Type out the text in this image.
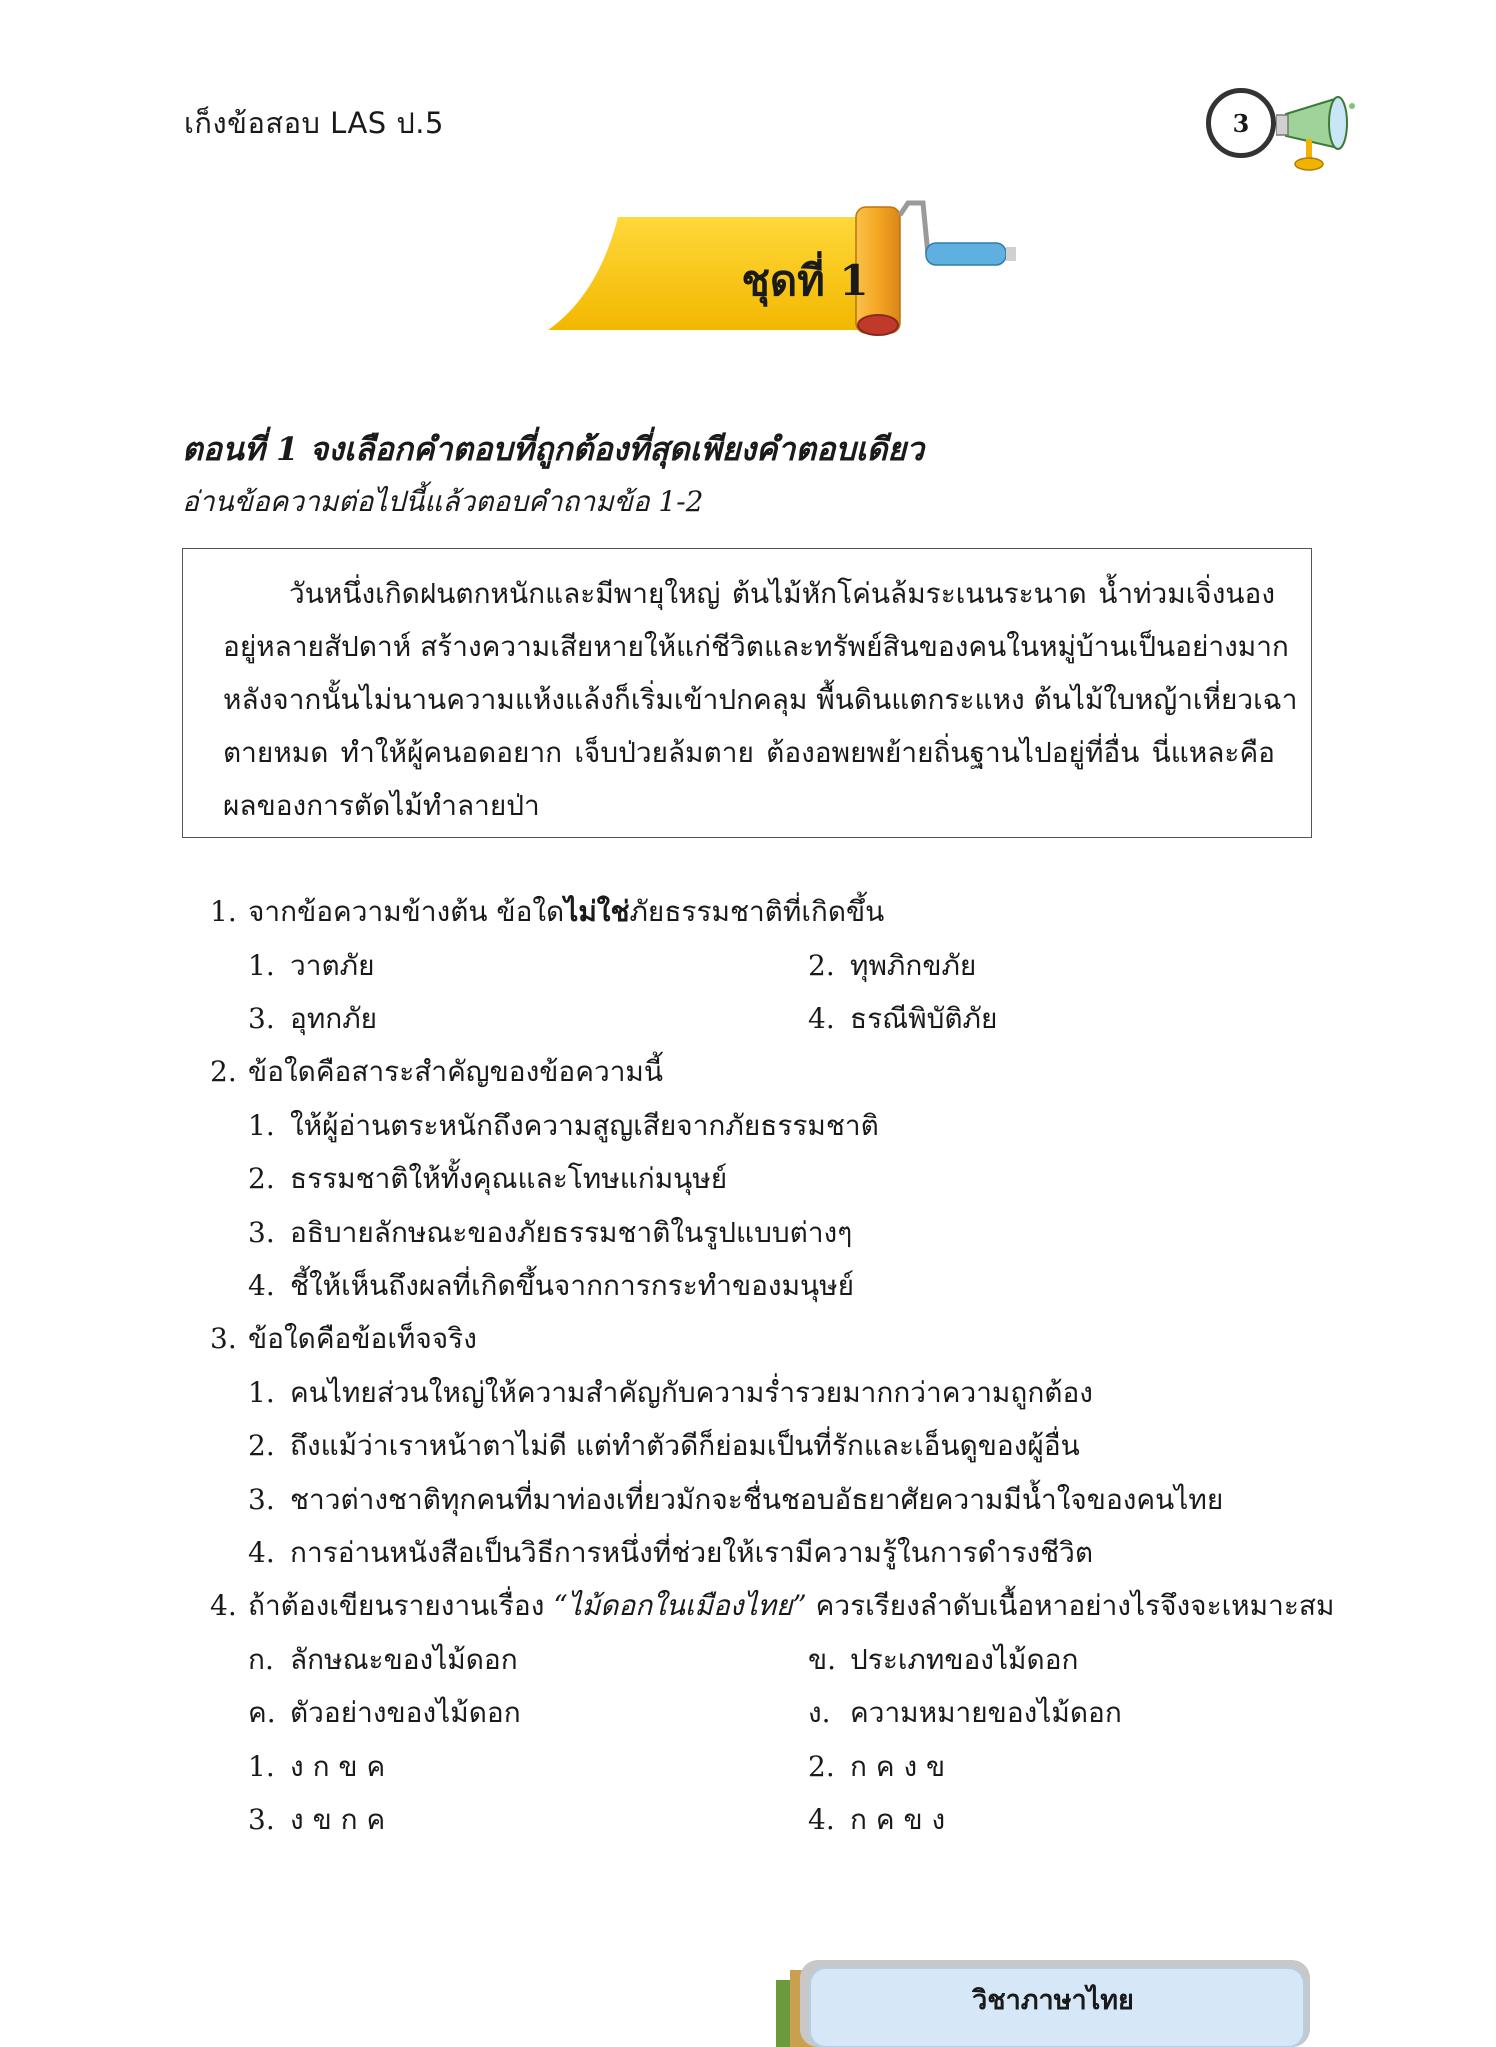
เก็งข้อสอบ LAS ป.5	3
ชุดที่ 1
ตอนที่ 1 จงเลือกคำตอบที่ถูกต้องที่สุดเพียงคำตอบเดียว
อ่านข้อความต่อไปนี้แล้วตอบคำถามข้อ 1-2
วันหนึ่งเกิดฝนตกหนักและมีพายุใหญ่ ต้นไม้หักโค่นล้มระเนนระนาด น้ำท่วมเจิ่งนอง
อยู่หลายสัปดาห์ สร้างความเสียหายให้แก่ชีวิตและทรัพย์สินของคนในหมู่บ้านเป็นอย่างมาก
หลังจากนั้นไม่นานความแห้งแล้งก็เริ่มเข้าปกคลุม พื้นดินแตกระแหง ต้นไม้ใบหญ้าเหี่ยวเฉา
ตายหมด ทำให้ผู้คนอดอยาก เจ็บป่วยล้มตาย ต้องอพยพย้ายถิ่นฐานไปอยู่ที่อื่น นี่แหละคือ
ผลของการตัดไม้ทำลายป่า
1. จากข้อความข้างต้น ข้อใดไม่ใช่ภัยธรรมชาติที่เกิดขึ้น
1. วาตภัย	2. ทุพภิกขภัย
3. อุทกภัย	4. ธรณีพิบัติภัย
2. ข้อใดคือสาระสำคัญของข้อความนี้
1. ให้ผู้อ่านตระหนักถึงความสูญเสียจากภัยธรรมชาติ
2. ธรรมชาติให้ทั้งคุณและโทษแก่มนุษย์
3. อธิบายลักษณะของภัยธรรมชาติในรูปแบบต่างๆ
4. ชี้ให้เห็นถึงผลที่เกิดขึ้นจากการกระทำของมนุษย์
3. ข้อใดคือข้อเท็จจริง
1. คนไทยส่วนใหญ่ให้ความสำคัญกับความร่ำรวยมากกว่าความถูกต้อง
2. ถึงแม้ว่าเราหน้าตาไม่ดี แต่ทำตัวดีก็ย่อมเป็นที่รักและเอ็นดูของผู้อื่น
3. ชาวต่างชาติทุกคนที่มาท่องเที่ยวมักจะชื่นชอบอัธยาศัยความมีน้ำใจของคนไทย
4. การอ่านหนังสือเป็นวิธีการหนึ่งที่ช่วยให้เรามีความรู้ในการดำรงชีวิต
4. ถ้าต้องเขียนรายงานเรื่อง “ไม้ดอกในเมืองไทย” ควรเรียงลำดับเนื้อหาอย่างไรจึงจะเหมาะสม
ก. ลักษณะของไม้ดอก	ข. ประเภทของไม้ดอก
ค. ตัวอย่างของไม้ดอก	ง. ความหมายของไม้ดอก
1. ง ก ข ค	2. ก ค ง ข
3. ง ข ก ค	4. ก ค ข ง
วิชาภาษาไทย
